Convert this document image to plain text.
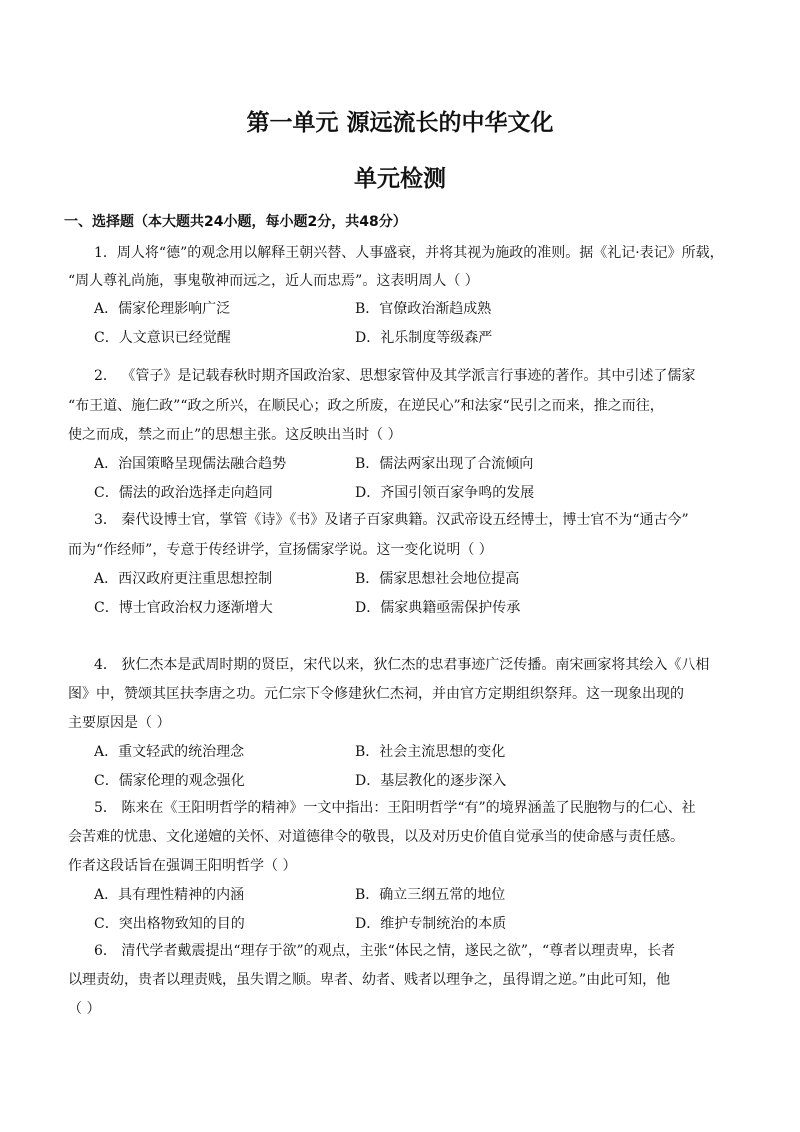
第一单元 源远流长的中华文化
单元检测
一、选择题（本大题共24小题，每小题2分，共48分）
1．周人将“德”的观念用以解释王朝兴替、人事盛衰，并将其视为施政的准则。据《礼记·表记》所载，
“周人尊礼尚施，事鬼敬神而远之，近人而忠焉”。这表明周人（ ）
A．儒家伦理影响广泛	B．官僚政治渐趋成熟
C．人文意识已经觉醒	D．礼乐制度等级森严
2． 《管子》是记载春秋时期齐国政治家、思想家管仲及其学派言行事迹的著作。其中引述了儒家
“布王道、施仁政”“政之所兴，在顺民心；政之所废，在逆民心”和法家“民引之而来，推之而往，
使之而成，禁之而止”的思想主张。这反映出当时（ ）
A．治国策略呈现儒法融合趋势	B．儒法两家出现了合流倾向
C．儒法的政治选择走向趋同	D．齐国引领百家争鸣的发展
3． 秦代设博士官，掌管《诗》《书》及诸子百家典籍。汉武帝设五经博士，博士官不为“通古今”
而为“作经师”，专意于传经讲学，宣扬儒家学说。这一变化说明（ ）
A．西汉政府更注重思想控制	B．儒家思想社会地位提高
C．博士官政治权力逐渐增大	D．儒家典籍亟需保护传承
4． 狄仁杰本是武周时期的贤臣，宋代以来，狄仁杰的忠君事迹广泛传播。南宋画家将其绘入《八相
图》中，赞颂其匡扶李唐之功。元仁宗下令修建狄仁杰祠，并由官方定期组织祭拜。这一现象出现的
主要原因是（ ）
A．重文轻武的统治理念	B．社会主流思想的变化
C．儒家伦理的观念强化	D．基层教化的逐步深入
5． 陈来在《王阳明哲学的精神》一文中指出：王阳明哲学“有”的境界涵盖了民胞物与的仁心、社
会苦难的忧患、文化递嬗的关怀、对道德律令的敬畏，以及对历史价值自觉承当的使命感与责任感。
作者这段话旨在强调王阳明哲学（ ）
A．具有理性精神的内涵	B．确立三纲五常的地位
C．突出格物致知的目的	D．维护专制统治的本质
6． 清代学者戴震提出“理存于欲”的观点，主张“体民之情，遂民之欲”，“尊者以理责卑，长者
以理责幼，贵者以理责贱，虽失谓之顺。卑者、幼者、贱者以理争之，虽得谓之逆。”由此可知，他
（ ）
